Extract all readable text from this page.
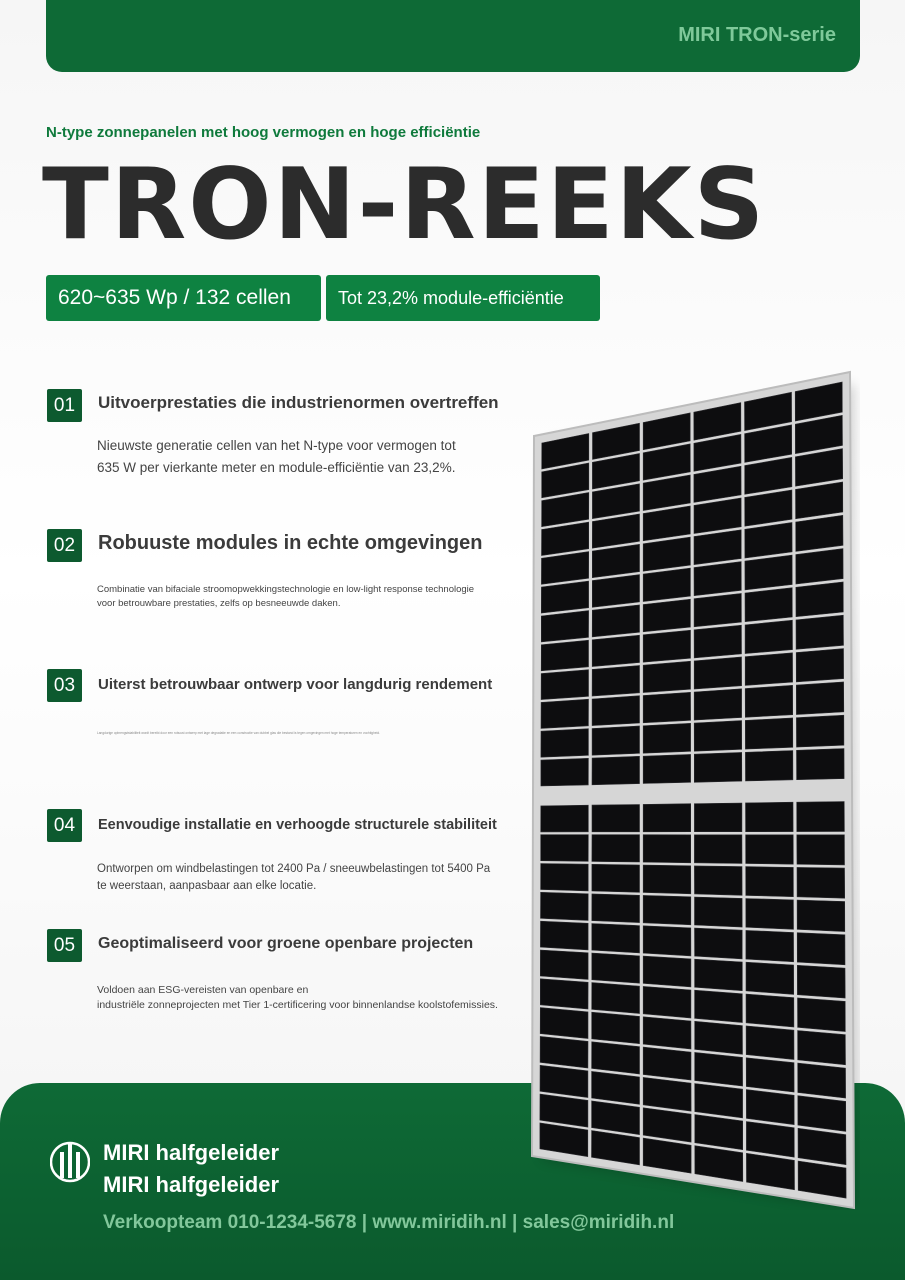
MIRI TRON-serie
N-type zonnepanelen met hoog vermogen en hoge efficiëntie
TRON-REEKS
620~635 Wp / 132 cellen	Tot 23,2% module-efficiëntie
01	Uitvoerprestaties die industrienormen overtreffen
Nieuwste generatie cellen van het N-type voor vermogen tot
635 W per vierkante meter en module-efficiëntie van 23,2%.
02	Robuuste modules in echte omgevingen
Combinatie van bifaciale stroomopwekkingstechnologie en low-light response technologie
voor betrouwbare prestaties, zelfs op besneeuwde daken.
03	Uiterst betrouwbaar ontwerp voor langdurig rendement
Langdurige opbrengststabiliteit wordt bereikt door een robuust ontwerp met lage degradatie en een constructie van dubbel glas die bestand is tegen omgevingen met hoge temperaturen en vochtigheid.
04	Eenvoudige installatie en verhoogde structurele stabiliteit
Ontworpen om windbelastingen tot 2400 Pa / sneeuwbelastingen tot 5400 Pa
te weerstaan, aanpasbaar aan elke locatie.
05	Geoptimaliseerd voor groene openbare projecten
Voldoen aan ESG-vereisten van openbare en
industriële zonneprojecten met Tier 1-certificering voor binnenlandse koolstofemissies.
MIRI halfgeleider
MIRI halfgeleider
Verkoopteam 010-1234-5678 | www.miridih.nl | sales@miridih.nl
